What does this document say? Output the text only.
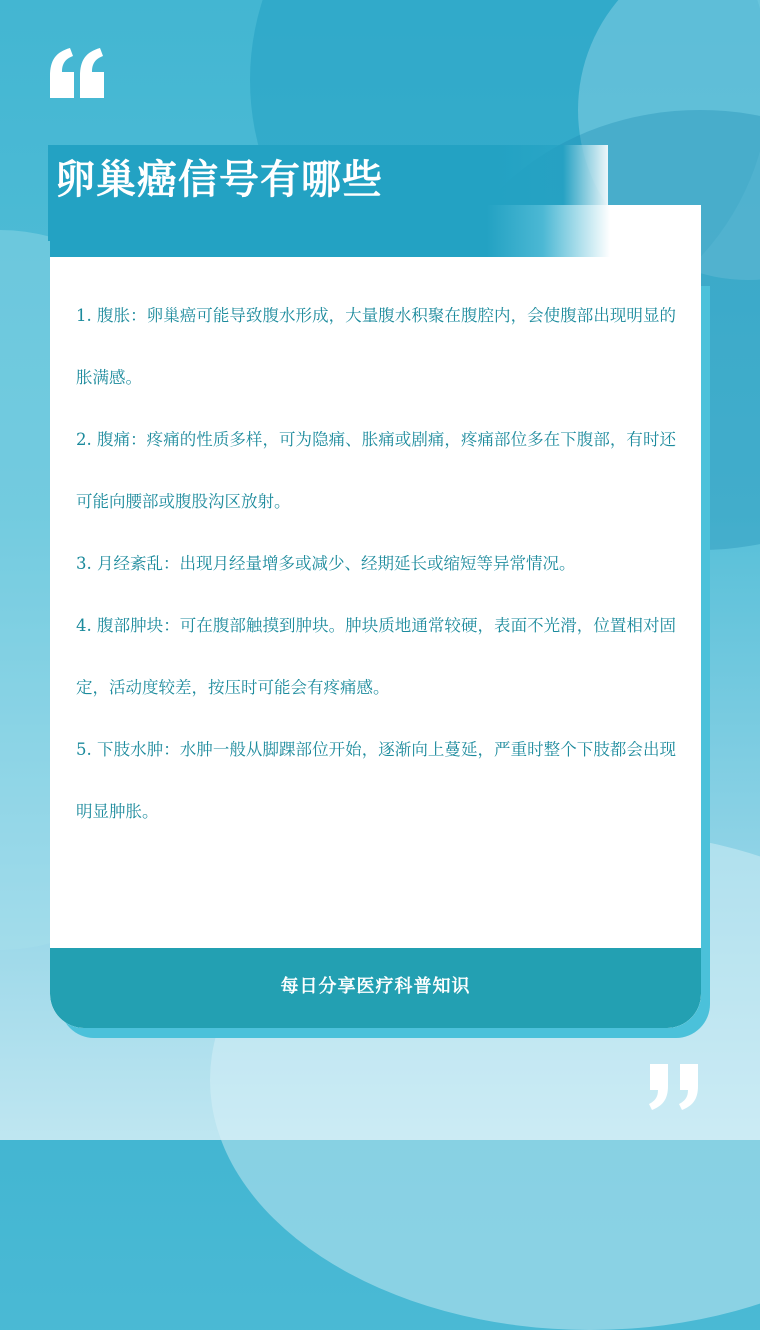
1. 腹胀：卵巢癌可能导致腹水形成，大量腹水积聚在腹腔内，会使腹部出现明显的胀满感。

2. 腹痛：疼痛的性质多样，可为隐痛、胀痛或剧痛，疼痛部位多在下腹部，有时还可能向腰部或腹股沟区放射。

3. 月经紊乱：出现月经量增多或减少、经期延长或缩短等异常情况。

4. 腹部肿块：可在腹部触摸到肿块。肿块质地通常较硬，表面不光滑，位置相对固定，活动度较差，按压时可能会有疼痛感。

5. 下肢水肿：水肿一般从脚踝部位开始，逐渐向上蔓延，严重时整个下肢都会出现明显肿胀。

每日分享医疗科普知识
卵巢癌信号有哪些
